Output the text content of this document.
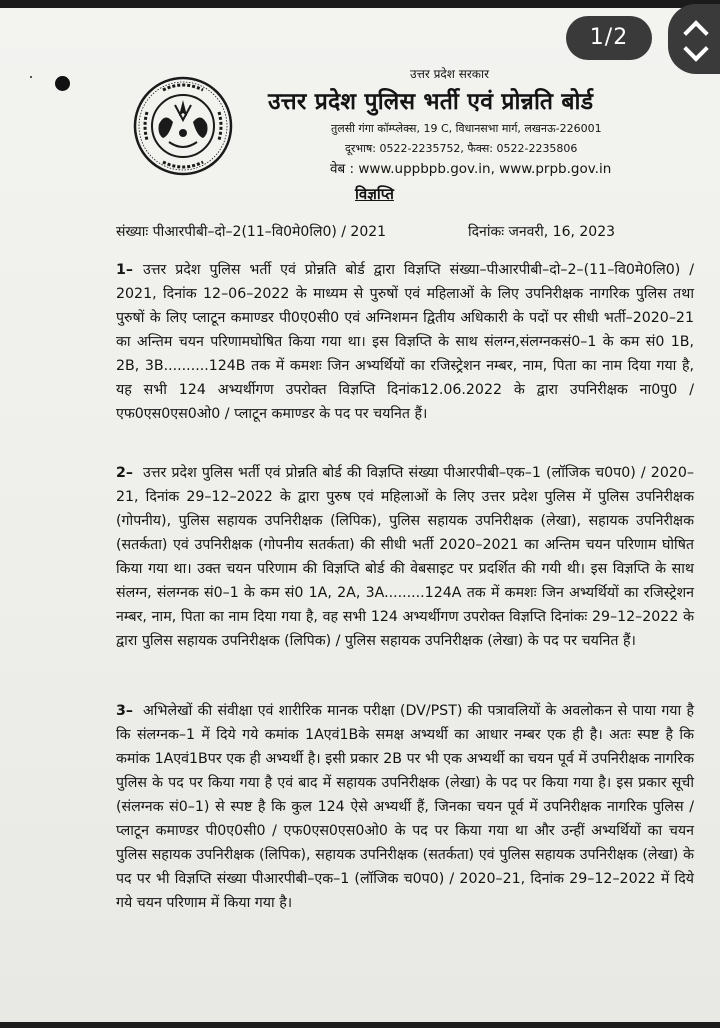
उत्तर प्रदेश सरकार

उत्तर प्रदेश पुलिस भर्ती एवं प्रोन्नति बोर्ड

तुलसी गंगा कॉम्प्लेक्स, 19 C, विधानसभा मार्ग, लखनऊ-226001

दूरभाष: 0522-2235752, फैक्स: 0522-2235806

वेब : www.uppbpb.gov.in, www.prpb.gov.in

विज्ञप्ति

संख्याः पीआरपीबी–दो–2(11–वि0मे0लि0) / 2021	दिनांकः जनवरी, 16, 2023

1– उत्तर प्रदेश पुलिस भर्ती एवं प्रोन्नति बोर्ड द्वारा विज्ञप्ति संख्या–पीआरपीबी–दो–2–(11–वि0मे0लि0) / 2021, दिनांक 12–06–2022 के माध्यम से पुरुषों एवं महिलाओं के लिए उपनिरीक्षक नागरिक पुलिस तथा पुरुषों के लिए प्लाटून कमाण्डर पी0ए0सी0 एवं अग्निशमन द्वितीय अधिकारी के पदों पर सीधी भर्ती–2020–21 का अन्तिम चयन परिणामघोषित किया गया था। इस विज्ञप्ति के साथ संलग्न,संलग्नकसं0–1 के कम सं0 1B, 2B, 3B..........124B तक में कमशः जिन अभ्यर्थियों का रजिस्ट्रेशन नम्बर, नाम, पिता का नाम दिया गया है, यह सभी 124 अभ्यर्थीगण उपरोक्त विज्ञप्ति दिनांक12.06.2022 के द्वारा उपनिरीक्षक ना0पु0 / एफ0एस0एस0ओ0 / प्लाटून कमाण्डर के पद पर चयनित हैं।

2– उत्तर प्रदेश पुलिस भर्ती एवं प्रोन्नति बोर्ड की विज्ञप्ति संख्या पीआरपीबी–एक–1 (लॉजिक च0प0) / 2020–21, दिनांक 29–12–2022 के द्वारा पुरुष एवं महिलाओं के लिए उत्तर प्रदेश पुलिस में पुलिस उपनिरीक्षक (गोपनीय), पुलिस सहायक उपनिरीक्षक (लिपिक), पुलिस सहायक उपनिरीक्षक (लेखा), सहायक उपनिरीक्षक (सतर्कता) एवं उपनिरीक्षक (गोपनीय सतर्कता) की सीधी भर्ती 2020–2021 का अन्तिम चयन परिणाम घोषित किया गया था। उक्त चयन परिणाम की विज्ञप्ति बोर्ड की वेबसाइट पर प्रदर्शित की गयी थी। इस विज्ञप्ति के साथ संलग्न, संलग्नक सं0–1 के कम सं0 1A, 2A, 3A.........124A तक में कमशः जिन अभ्यर्थियों का रजिस्ट्रेशन नम्बर, नाम, पिता का नाम दिया गया है, वह सभी 124 अभ्यर्थीगण उपरोक्त विज्ञप्ति दिनांकः 29–12–2022 के द्वारा पुलिस सहायक उपनिरीक्षक (लिपिक) / पुलिस सहायक उपनिरीक्षक (लेखा) के पद पर चयनित हैं।

3– अभिलेखों की संवीक्षा एवं शारीरिक मानक परीक्षा (DV/PST) की पत्रावलियों के अवलोकन से पाया गया है कि संलग्नक–1 में दिये गये कमांक 1Aएवं1Bके समक्ष अभ्यर्थी का आधार नम्बर एक ही है। अतः स्पष्ट है कि कमांक 1Aएवं1Bपर एक ही अभ्यर्थी है। इसी प्रकार 2B पर भी एक अभ्यर्थी का चयन पूर्व में उपनिरीक्षक नागरिक पुलिस के पद पर किया गया है एवं बाद में सहायक उपनिरीक्षक (लेखा) के पद पर किया गया है। इस प्रकार सूची (संलग्नक सं0–1) से स्पष्ट है कि कुल 124 ऐसे अभ्यर्थी हैं, जिनका चयन पूर्व में उपनिरीक्षक नागरिक पुलिस / प्लाटून कमाण्डर पी0ए0सी0 / एफ0एस0एस0ओ0 के पद पर किया गया था और उन्हीं अभ्यर्थियों का चयन पुलिस सहायक उपनिरीक्षक (लिपिक), सहायक उपनिरीक्षक (सतर्कता) एवं पुलिस सहायक उपनिरीक्षक (लेखा) के पद पर भी विज्ञप्ति संख्या पीआरपीबी–एक–1 (लॉजिक च0प0) / 2020–21, दिनांक 29–12–2022 में दिये गये चयन परिणाम में किया गया है।

1/2
